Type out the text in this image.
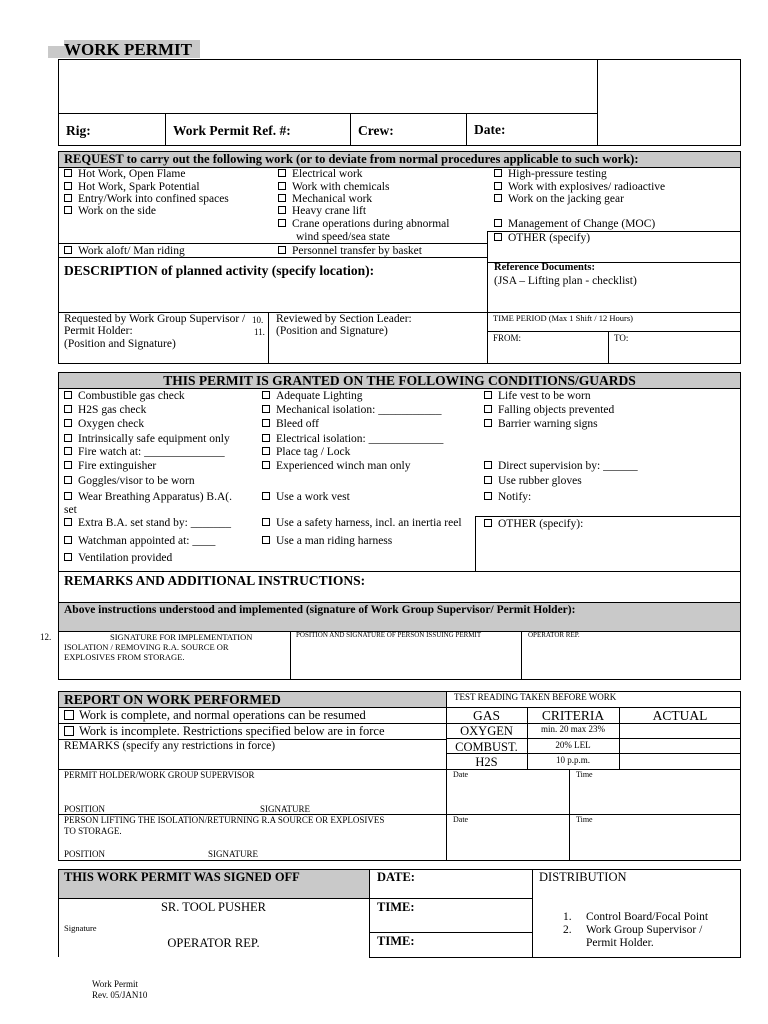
WORK PERMIT
Rig:	Work Permit Ref. #:	Crew:	Date:
REQUEST to carry out the following work (or to deviate from normal procedures applicable to such work):
Hot Work, Open Flame
Hot Work, Spark Potential
Entry/Work into confined spaces
Work on the side
Electrical work
Work with chemicals
Mechanical work
Heavy crane lift
Crane operations during abnormal
wind speed/sea state
High-pressure testing
Work with explosives/ radioactive
Work on the jacking gear
Management of Change (MOC)
OTHER (specify)
Work aloft/ Man riding	Personnel transfer by basket
DESCRIPTION of planned activity (specify location):	Reference Documents:
(JSA – Lifting plan - checklist)
Requested by Work Group Supervisor /
Permit Holder:
(Position and Signature)
10.
11.
Reviewed by Section Leader:
(Position and Signature)
TIME PERIOD (Max 1 Shift / 12 Hours)
FROM:	TO:
THIS PERMIT IS GRANTED ON THE FOLLOWING CONDITIONS/GUARDS
Combustible gas check
H2S gas check
Oxygen check
Intrinsically safe equipment only
Fire watch at: ______________
Fire extinguisher
Goggles/visor to be worn
Wear Breathing Apparatus) B.A(.
set
Extra B.A. set stand by: _______
Watchman appointed at: ____
Ventilation provided
Adequate Lighting
Mechanical isolation: ___________
Bleed off
Electrical isolation: _____________
Place tag / Lock
Experienced winch man only
Use a work vest
Use a safety harness, incl. an inertia reel
Use a man riding harness
Life vest to be worn
Falling objects prevented
Barrier warning signs
Direct supervision by: ______
Use rubber gloves
Notify:
OTHER (specify):
REMARKS AND ADDITIONAL INSTRUCTIONS:
Above instructions understood and implemented (signature of Work Group Supervisor/ Permit Holder):
12.	SIGNATURE FOR IMPLEMENTATION
ISOLATION / REMOVING R.A. SOURCE OR
EXPLOSIVES FROM STORAGE.
POSITION AND SIGNATURE OF PERSON ISSUING PERMIT	OPERATOR REP.
REPORT ON WORK PERFORMED	TEST READING TAKEN BEFORE WORK
Work is complete, and normal operations can be resumed
Work is incomplete. Restrictions specified below are in force
REMARKS (specify any restrictions in force)
GAS	CRITERIA	ACTUAL
OXYGEN	min. 20 max 23%
COMBUST.	20% LEL
H2S	10 p.p.m.
PERMIT HOLDER/WORK GROUP SUPERVISOR
POSITION	SIGNATURE
Date	Time
PERSON LIFTING THE ISOLATION/RETURNING R.A SOURCE OR EXPLOSIVES
TO STORAGE.
POSITION	SIGNATURE
Date	Time
THIS WORK PERMIT WAS SIGNED OFF	DATE:
TIME:
TIME:
SR. TOOL PUSHER
Signature
OPERATOR REP.
DISTRIBUTION
1. Control Board/Focal Point
2. Work Group Supervisor /
Permit Holder.
Work Permit
Rev. 05/JAN10
